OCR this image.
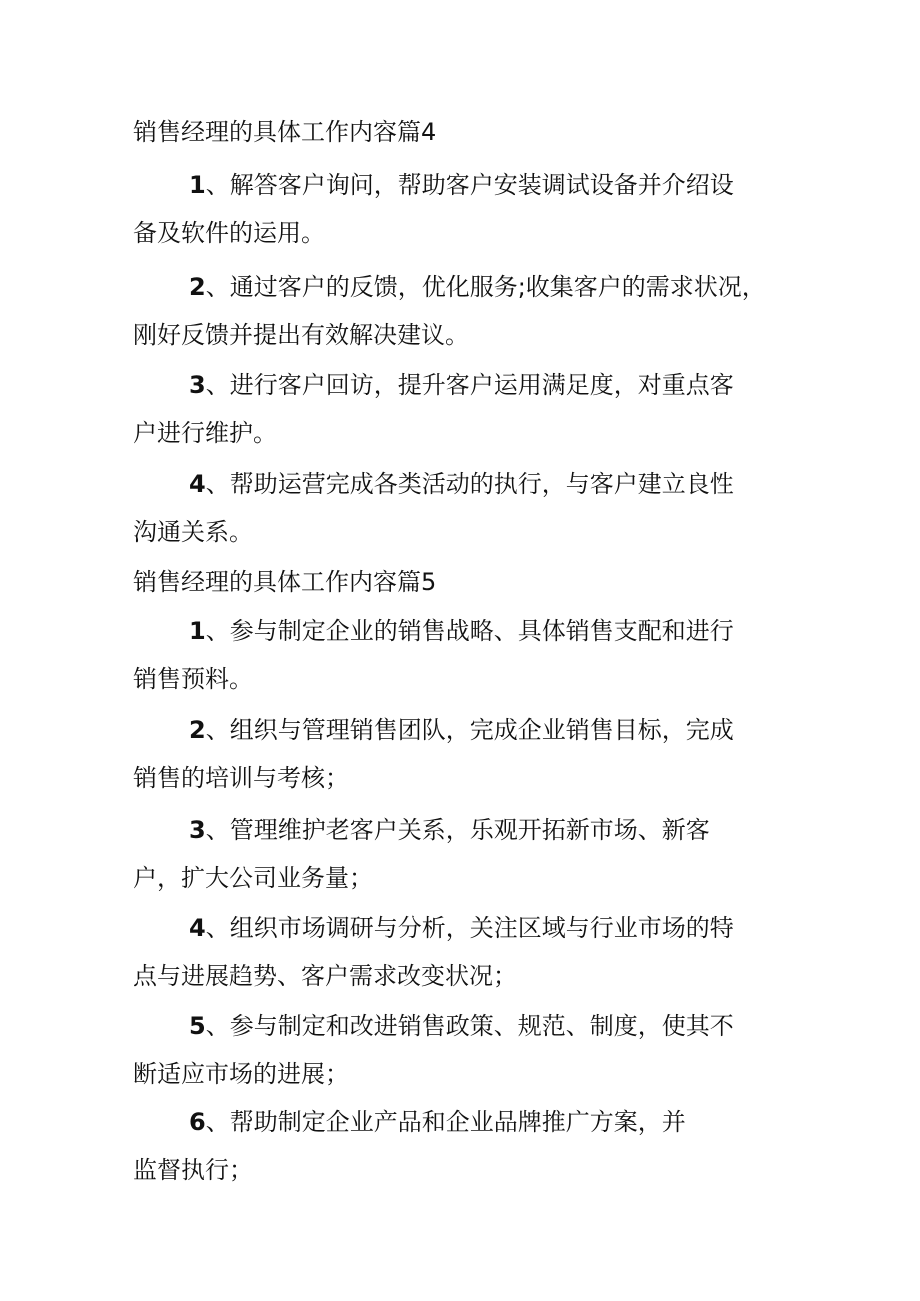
销售经理的具体工作内容篇4
1、解答客户询问，帮助客户安装调试设备并介绍设
备及软件的运用。
2、通过客户的反馈，优化服务;收集客户的需求状况，
刚好反馈并提出有效解决建议。
3、进行客户回访，提升客户运用满足度，对重点客
户进行维护。
4、帮助运营完成各类活动的执行，与客户建立良性
沟通关系。
销售经理的具体工作内容篇5
1、参与制定企业的销售战略、具体销售支配和进行
销售预料。
2、组织与管理销售团队，完成企业销售目标，完成
销售的培训与考核；
3、管理维护老客户关系，乐观开拓新市场、新客
户，扩大公司业务量；
4、组织市场调研与分析，关注区域与行业市场的特
点与进展趋势、客户需求改变状况；
5、参与制定和改进销售政策、规范、制度，使其不
断适应市场的进展；
6、帮助制定企业产品和企业品牌推广方案，并
监督执行；
